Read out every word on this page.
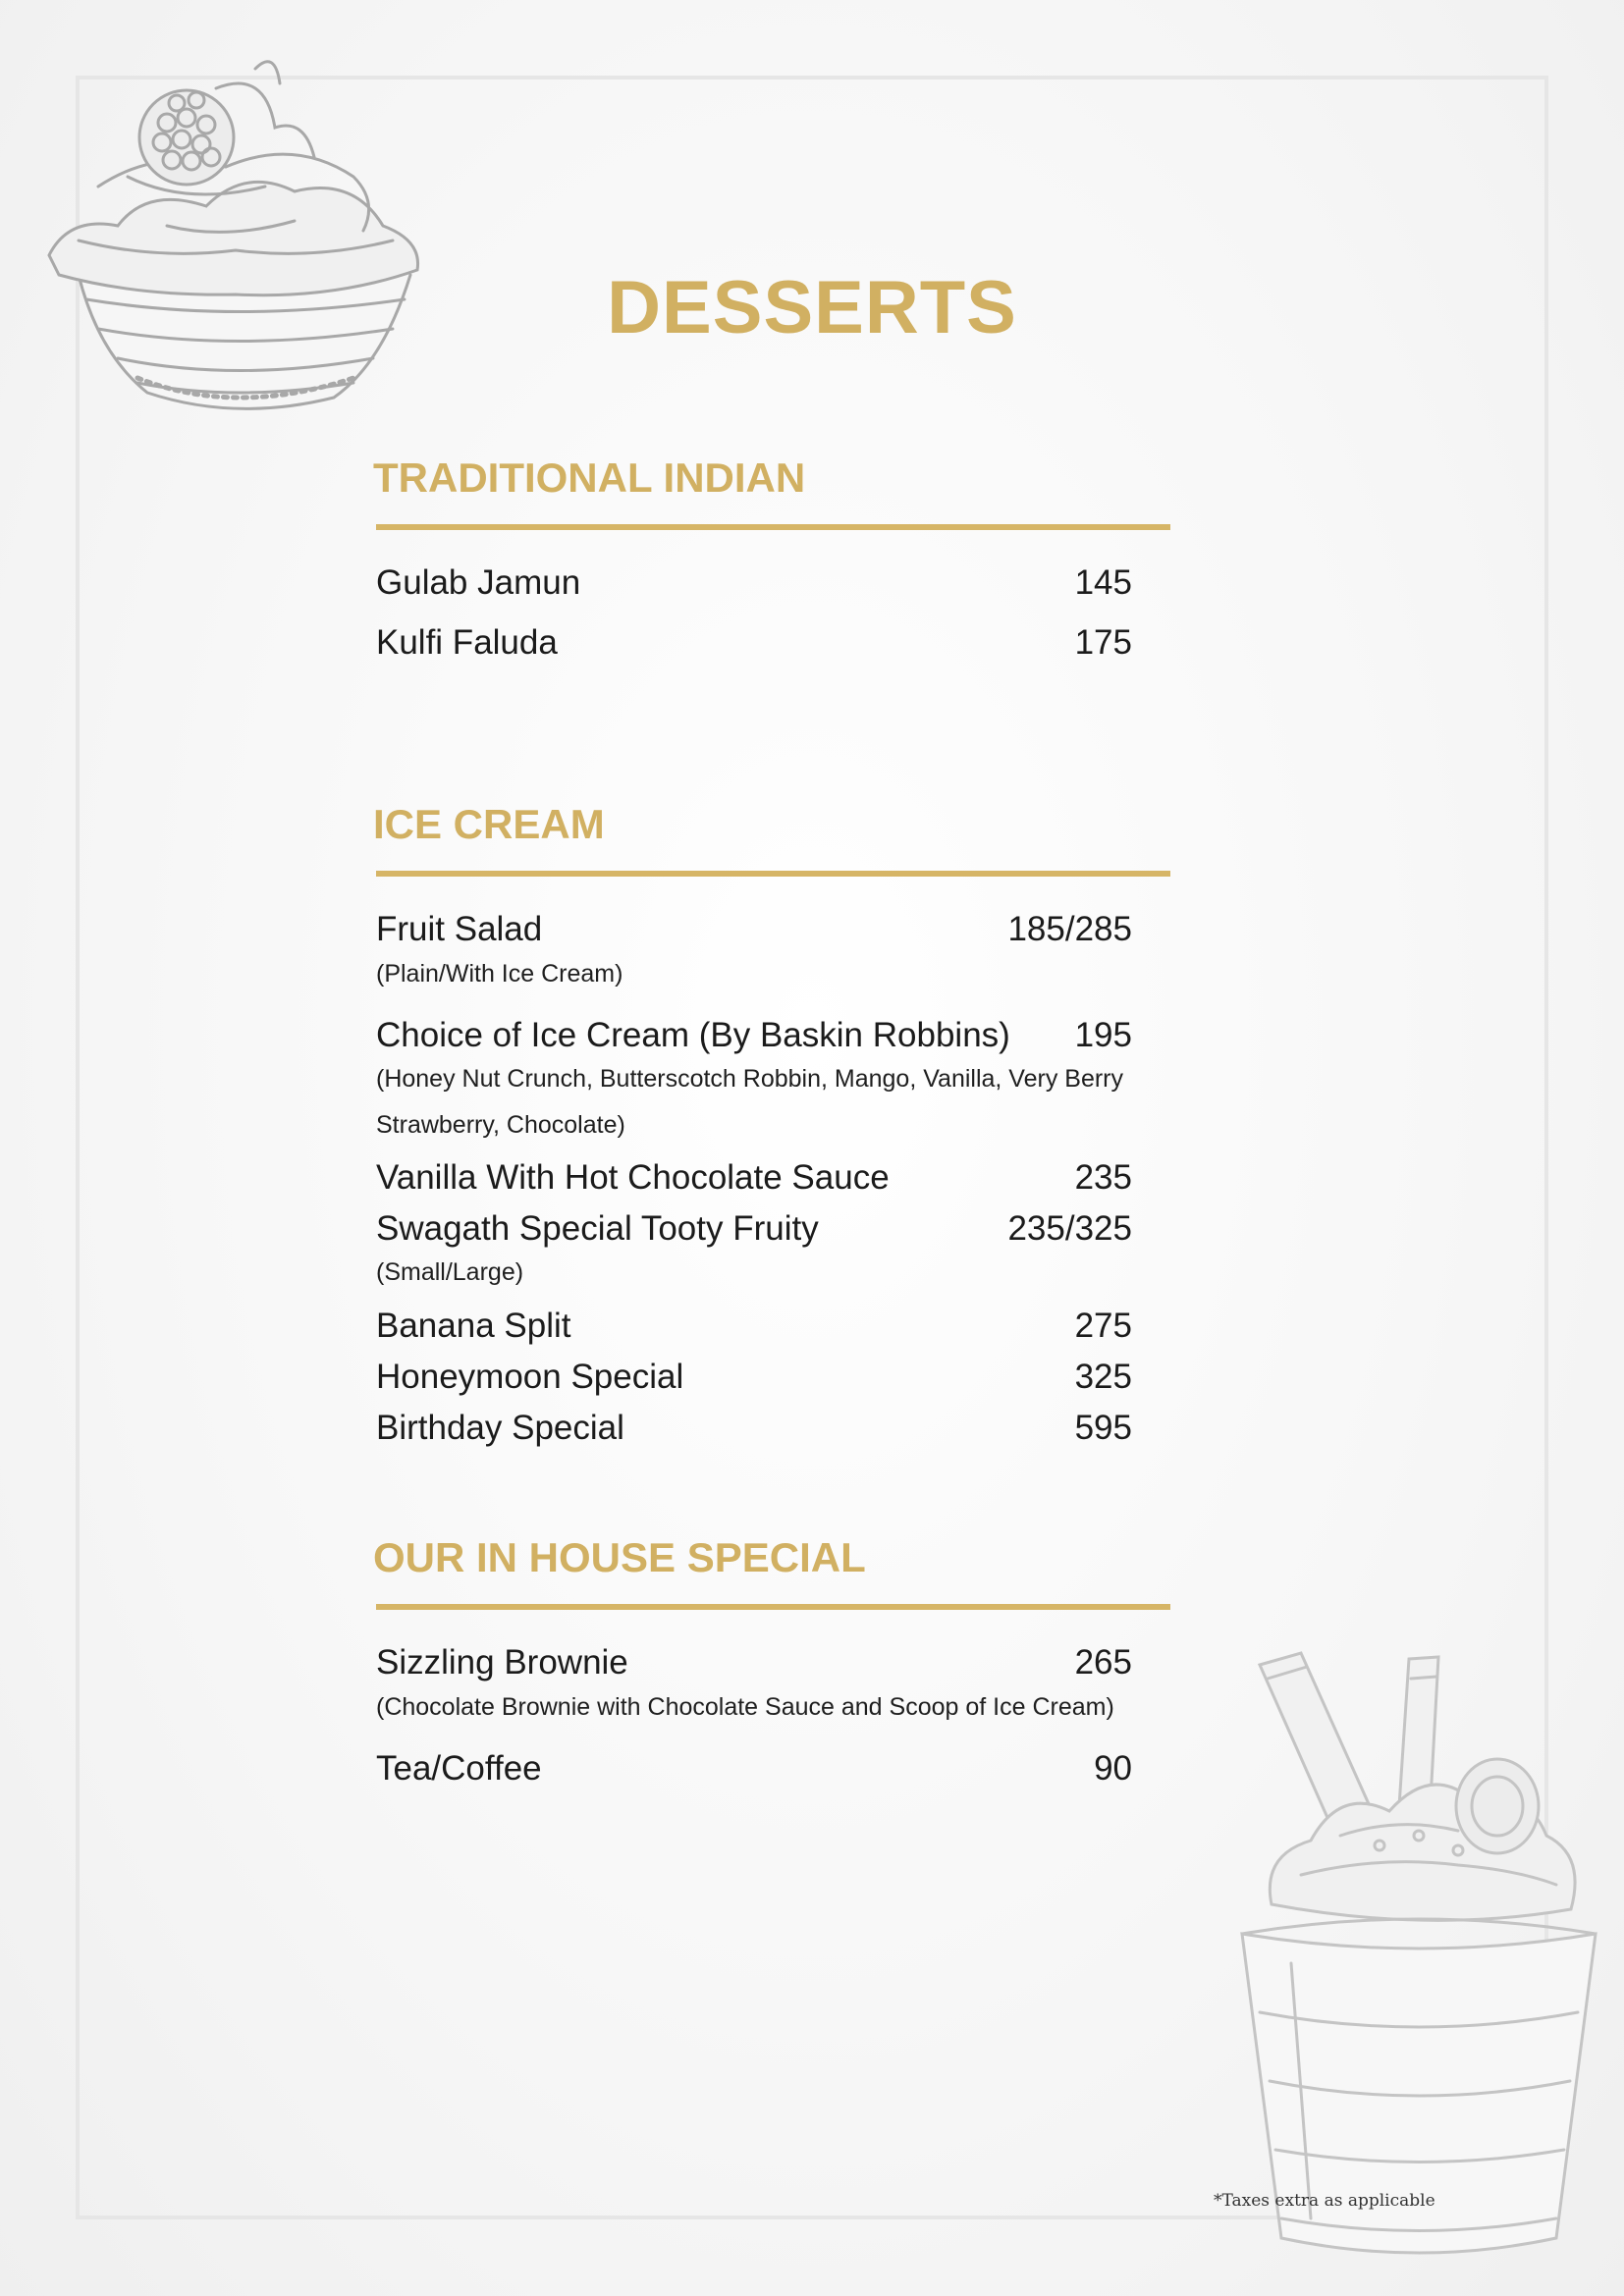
DESSERTS
TRADITIONAL INDIAN
Gulab Jamun	145
Kulfi Faluda	175
ICE CREAM
Fruit Salad	185/285
(Plain/With Ice Cream)
Choice of Ice Cream (By Baskin Robbins) 195
(Honey Nut Crunch, Butterscotch Robbin, Mango, Vanilla, Very Berry
Strawberry, Chocolate)
Vanilla With Hot Chocolate Sauce	235
Swagath Special Tooty Fruity	235/325
(Small/Large)
Banana Split	275
Honeymoon Special	325
Birthday Special	595
OUR IN HOUSE SPECIAL
Sizzling Brownie	265
(Chocolate Brownie with Chocolate Sauce and Scoop of Ice Cream)
Tea/Coffee	90
*Taxes extra as applicable
